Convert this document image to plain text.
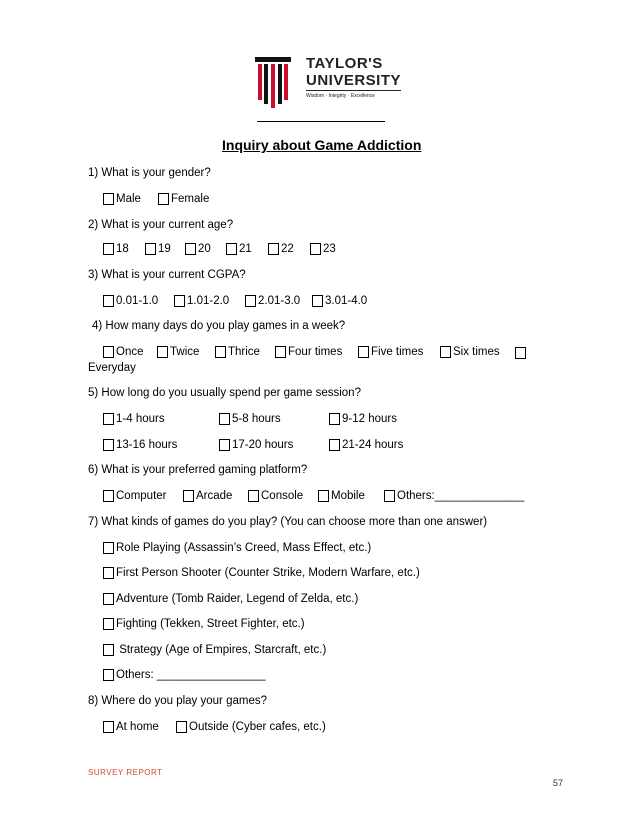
TAYLOR'S
UNIVERSITY
Wisdom · Integrity · Excellence
Inquiry about Game Addiction
1) What is your gender?
Male	Female
2) What is your current age?
18	19 20 21	22	23
3) What is your current CGPA?
0.01-1.0	1.01-2.0	2.01-3.0 3.01-4.0
4) How many days do you play games in a week?
Once Twice Thrice Four times Five times	Six times
Everyday
5) How long do you usually spend per game session?
1-4 hours	5-8 hours	9-12 hours
13-16 hours	17-20 hours	21-24 hours
6) What is your preferred gaming platform?
Computer	Arcade Console Mobile	Others:______________
7) What kinds of games do you play? (You can choose more than one answer)
Role Playing (Assassin’s Creed, Mass Effect, etc.)
First Person Shooter (Counter Strike, Modern Warfare, etc.)
Adventure (Tomb Raider, Legend of Zelda, etc.)
Fighting (Tekken, Street Fighter, etc.)
Strategy (Age of Empires, Starcraft, etc.)
Others: _________________
8) Where do you play your games?
At home	Outside (Cyber cafes, etc.)
SURVEY REPORT
57
